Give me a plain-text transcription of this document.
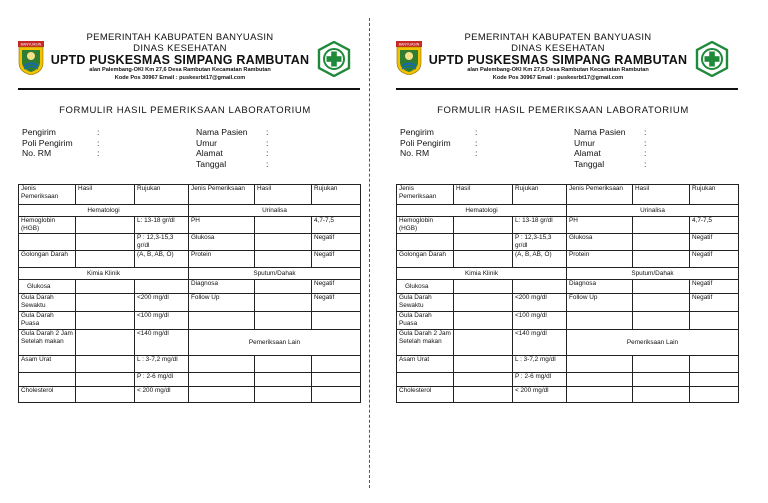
BANYUASIN
PEMERINTAH KABUPATEN BANYUASIN
DINAS KESEHATAN
UPTD PUSKESMAS SIMPANG RAMBUTAN
alan Palembang-OKI Km 27,6 Desa Rambutan Kecamatan Rambutan
Kode Pos 30967 Email : puskesrbt17@gmail.com
FORMULIR HASIL PEMERIKSAAN LABORATORIUM
Pengirim	:
Poli Pengirim	:
No. RM	:
Nama Pasien :
Umur	:
Alamat	:
Tanggal	:
Jenis Pemeriksaan	Hasil	Rujukan	Jenis Pemeriksaan	Hasil	Rujukan
Hematologi			Urinalisa		
Hemoglobin (HGB)		L: 13-18 gr/dl	PH		4,7-7,5
		P : 12,3-15,3 gr/dl	Glukosa		Negatif
Golongan Darah		(A, B, AB, O)	Protein		Negatif
Kimia Klinik			Sputum/Dahak		
Glukosa			Diagnosa		Negatif
Gula Darah Sewaktu		<200 mg/dl	Follow Up		Negatif
Gula Darah Puasa		<100 mg/dl			
Gula Darah 2 Jam Setelah makan		<140 mg/dl	Pemeriksaan Lain		
Asam Urat		L : 3-7,2 mg/dl			
		P : 2-6 mg/dl			
Cholesterol		< 200 mg/dl			
BANYUASIN
PEMERINTAH KABUPATEN BANYUASIN
DINAS KESEHATAN
UPTD PUSKESMAS SIMPANG RAMBUTAN
alan Palembang-OKI Km 27,6 Desa Rambutan Kecamatan Rambutan
Kode Pos 30967 Email : puskesrbt17@gmail.com
FORMULIR HASIL PEMERIKSAAN LABORATORIUM
Pengirim	:
Poli Pengirim	:
No. RM	:
Nama Pasien :
Umur	:
Alamat	:
Tanggal	:
Jenis Pemeriksaan	Hasil	Rujukan	Jenis Pemeriksaan	Hasil	Rujukan
Hematologi			Urinalisa		
Hemoglobin (HGB)		L: 13-18 gr/dl	PH		4,7-7,5
		P : 12,3-15,3 gr/dl	Glukosa		Negatif
Golongan Darah		(A, B, AB, O)	Protein		Negatif
Kimia Klinik			Sputum/Dahak		
Glukosa			Diagnosa		Negatif
Gula Darah Sewaktu		<200 mg/dl	Follow Up		Negatif
Gula Darah Puasa		<100 mg/dl			
Gula Darah 2 Jam Setelah makan		<140 mg/dl	Pemeriksaan Lain		
Asam Urat		L : 3-7,2 mg/dl			
		P : 2-6 mg/dl			
Cholesterol		< 200 mg/dl			
